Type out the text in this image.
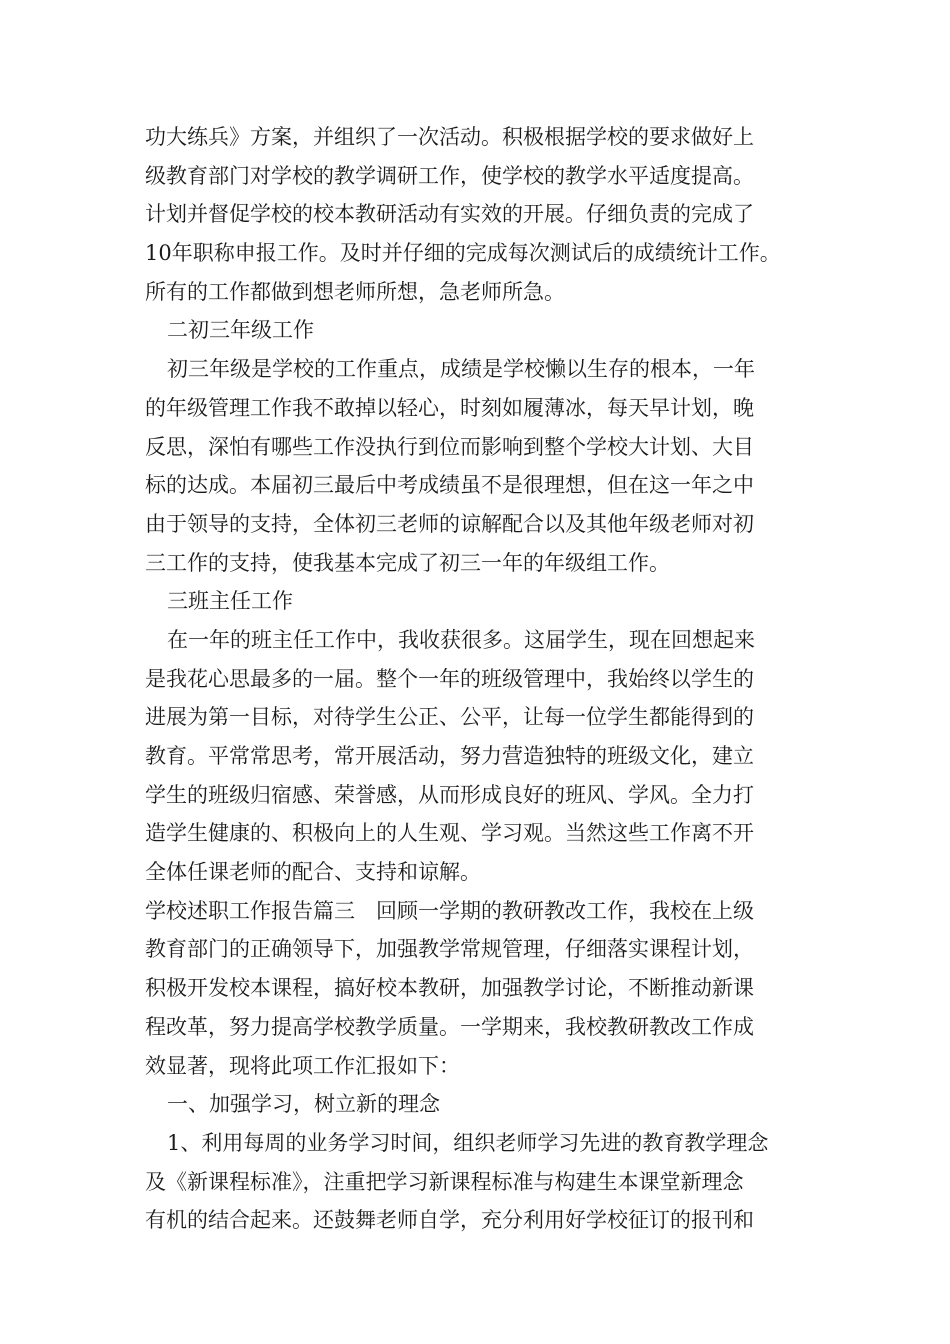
功大练兵》方案，并组织了一次活动。积极根据学校的要求做好上
级教育部门对学校的教学调研工作，使学校的教学水平适度提高。
计划并督促学校的校本教研活动有实效的开展。仔细负责的完成了
10年职称申报工作。及时并仔细的完成每次测试后的成绩统计工作。
所有的工作都做到想老师所想，急老师所急。
二初三年级工作
初三年级是学校的工作重点，成绩是学校懒以生存的根本，一年
的年级管理工作我不敢掉以轻心，时刻如履薄冰，每天早计划，晚
反思，深怕有哪些工作没执行到位而影响到整个学校大计划、大目
标的达成。本届初三最后中考成绩虽不是很理想，但在这一年之中
由于领导的支持，全体初三老师的谅解配合以及其他年级老师对初
三工作的支持，使我基本完成了初三一年的年级组工作。
三班主任工作
在一年的班主任工作中，我收获很多。这届学生，现在回想起来
是我花心思最多的一届。整个一年的班级管理中，我始终以学生的
进展为第一目标，对待学生公正、公平，让每一位学生都能得到的
教育。平常常思考，常开展活动，努力营造独特的班级文化，建立
学生的班级归宿感、荣誉感，从而形成良好的班风、学风。全力打
造学生健康的、积极向上的人生观、学习观。当然这些工作离不开
全体任课老师的配合、支持和谅解。
学校述职工作报告篇三　回顾一学期的教研教改工作，我校在上级
教育部门的正确领导下，加强教学常规管理，仔细落实课程计划，
积极开发校本课程，搞好校本教研，加强教学讨论，不断推动新课
程改革，努力提高学校教学质量。一学期来，我校教研教改工作成
效显著，现将此项工作汇报如下：
一、加强学习，树立新的理念
1、利用每周的业务学习时间，组织老师学习先进的教育教学理念
及《新课程标准》，注重把学习新课程标准与构建生本课堂新理念
有机的结合起来。还鼓舞老师自学，充分利用好学校征订的报刊和
